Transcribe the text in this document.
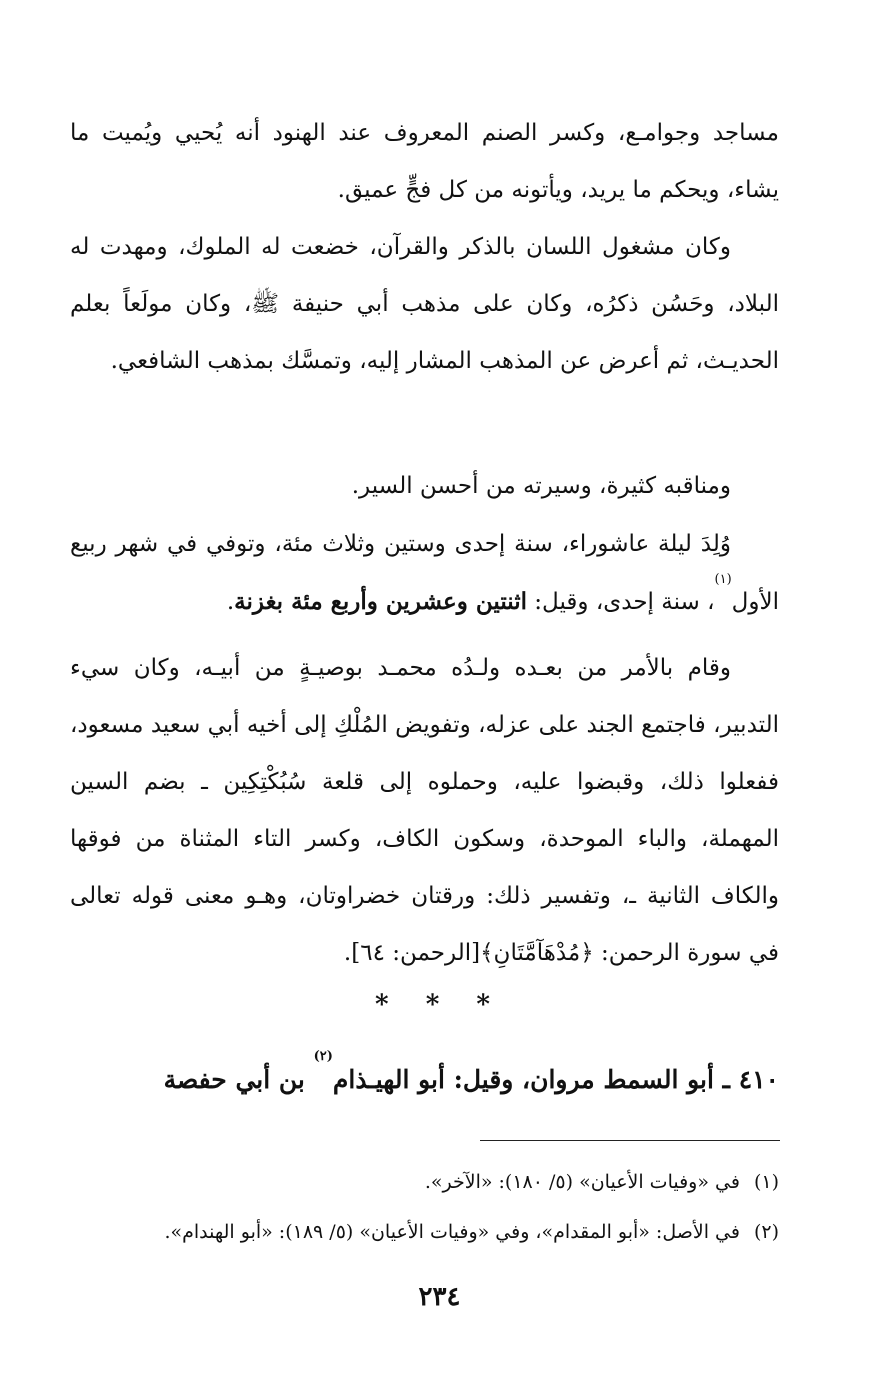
مساجد وجوامـع، وكسر الصنم المعروف عند الهنود أنه يُحيي ويُميت ما يشاء، ويحكم ما يريد، ويأتونه من كل فجٍّ عميق.

وكان مشغول اللسان بالذكر والقرآن، خضعت له الملوك، ومهدت له البلاد، وحَسُن ذكرُه، وكان على مذهب أبي حنيفة ﷺ، وكان مولَعاً بعلم الحديـث، ثم أعرض عن المذهب المشار إليه، وتمسَّك بمذهب الشافعي.

ومناقبه كثيرة، وسيرته من أحسن السير.

وُلِدَ ليلة عاشوراء، سنة إحدى وستين وثلاث مئة، وتوفي في شهر ربيع الأول$^{(١)}$، سنة إحدى، وقيل: اثنتين وعشرين وأربع مئة بغزنة.

وقام بالأمر من بعـده ولـدُه محمـد بوصيـةٍ من أبيـه، وكان سيء التدبير، فاجتمع الجند على عزله، وتفويض المُلْكِ إلى أخيه أبي سعيد مسعود، ففعلوا ذلك، وقبضوا عليه، وحملوه إلى قلعة سُبُكْتِكِين ـ بضم السين المهملة، والباء الموحدة، وسكون الكاف، وكسر التاء المثناة من فوقها والكاف الثانية ـ، وتفسير ذلك: ورقتان خضراوتان، وهـو معنى قوله تعالى في سورة الرحمن: ﴿مُدْهَآمَّتَانِ﴾[الرحمن: ٦٤].

* * *

٤١٠ ـ أبو السمط مروان، وقيل: أبو الهيـذام$^{(٢)}$ بن أبي حفصة

(١)في «وفيات الأعيان» (٥/ ١٨٠): «الآخر».

(٢)في الأصل: «أبو المقدام»، وفي «وفيات الأعيان» (٥/ ١٨٩): «أبو الهندام».

٢٣٤
